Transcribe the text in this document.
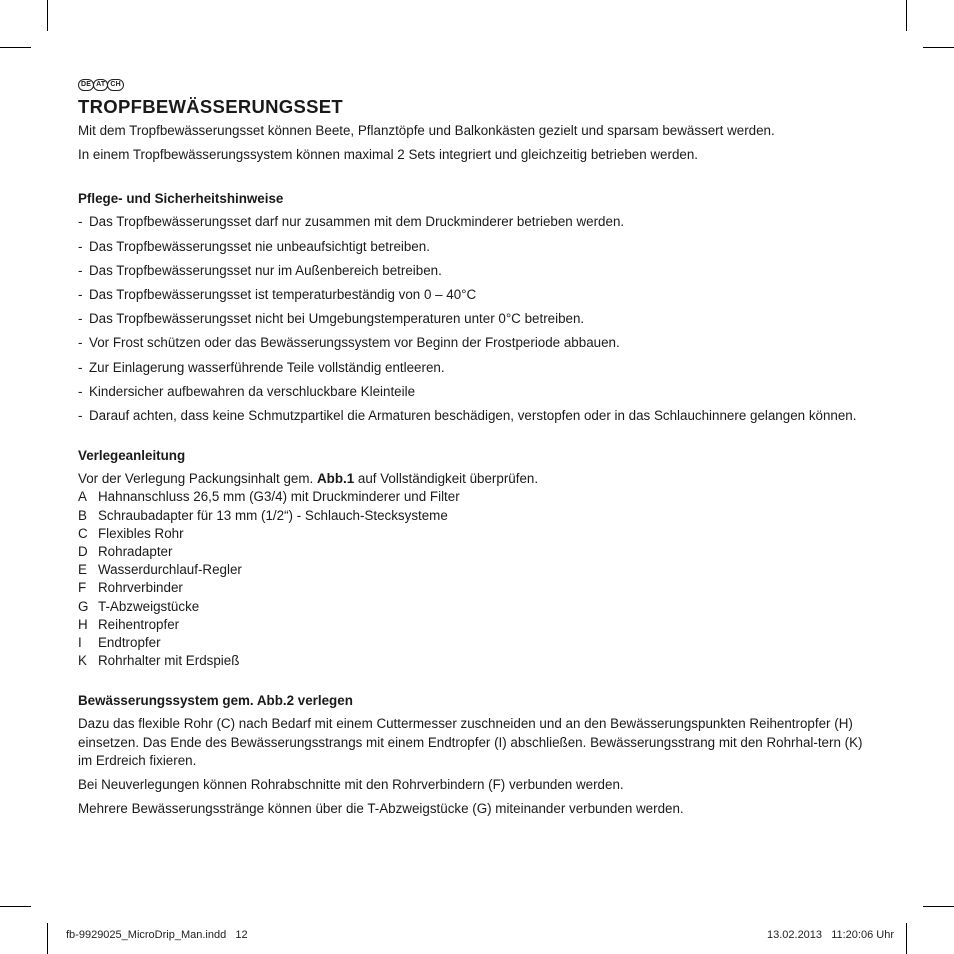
DE AT CH
TROPFBEWÄSSERUNGSSET

Mit dem Tropfbewässerungsset können Beete, Pflanztöpfe und Balkonkästen gezielt und sparsam bewässert werden.

In einem Tropfbewässerungssystem können maximal 2 Sets integriert und gleichzeitig betrieben werden.

Pflege- und Sicherheitshinweise
- Das Tropfbewässerungsset darf nur zusammen mit dem Druckminderer betrieben werden.
- Das Tropfbewässerungsset nie unbeaufsichtigt betreiben.
- Das Tropfbewässerungsset nur im Außenbereich betreiben.
- Das Tropfbewässerungsset ist temperaturbeständig von 0 – 40°C
- Das Tropfbewässerungsset nicht bei Umgebungstemperaturen unter 0°C betreiben.
- Vor Frost schützen oder das Bewässerungssystem vor Beginn der Frostperiode abbauen.
- Zur Einlagerung wasserführende Teile vollständig entleeren.
- Kindersicher aufbewahren da verschluckbare Kleinteile
- Darauf achten, dass keine Schmutzpartikel die Armaturen beschädigen, verstopfen oder in das Schlauchinnere gelangen können.
Verlegeanleitung

Vor der Verlegung Packungsinhalt gem. Abb.1 auf Vollständigkeit überprüfen.

A Hahnanschluss 26,5 mm (G3/4) mit Druckminderer und Filter
B Schraubadapter für 13 mm (1/2“) - Schlauch-Stecksysteme
C Flexibles Rohr
D Rohradapter
E Wasserdurchlauf-Regler
F Rohrverbinder
G T-Abzweigstücke
H Reihentropfer
I Endtropfer
K Rohrhalter mit Erdspieß
Bewässerungssystem gem. Abb.2 verlegen

Dazu das flexible Rohr (C) nach Bedarf mit einem Cuttermesser zuschneiden und an den Bewässerungspunkten Reihentropfer (H) einsetzen. Das Ende des Bewässerungsstrangs mit einem Endtropfer (I) abschließen. Bewässerungsstrang mit den Rohrhal-tern (K) im Erdreich fixieren.

Bei Neuverlegungen können Rohrabschnitte mit den Rohrverbindern (F) verbunden werden.

Mehrere Bewässerungsstränge können über die T-Abzweigstücke (G) miteinander verbunden werden.

fb-9929025_MicroDrip_Man.indd   12	13.02.2013   11:20:06 Uhr
